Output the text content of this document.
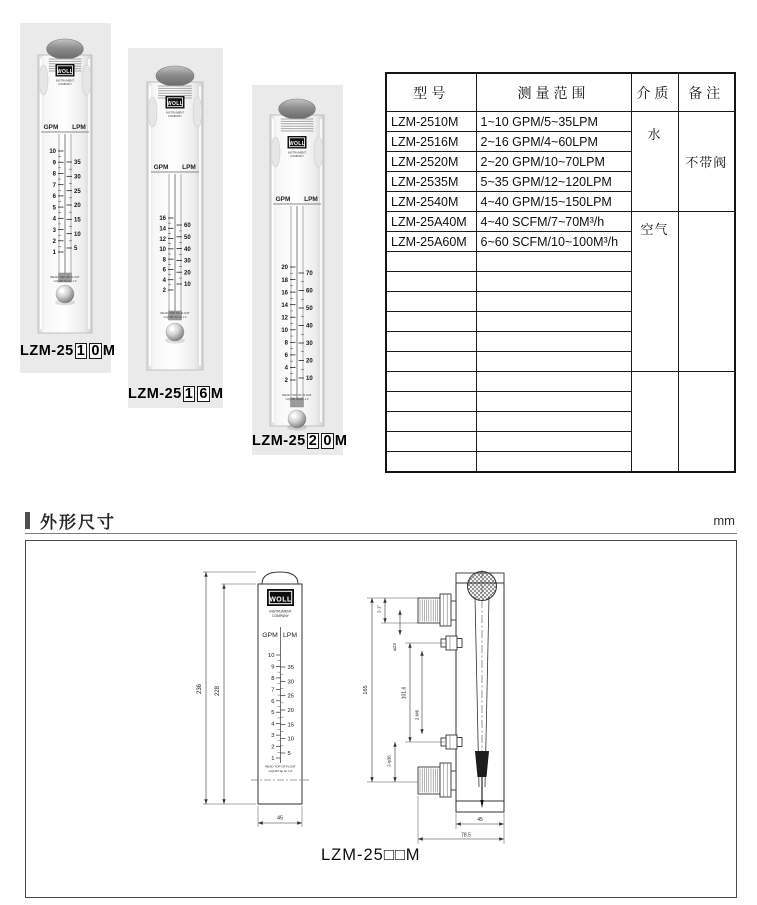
WOLL
INSTRUMENT
COMPANY
GPM LPM
10
9
8
7
6
5
4
3
2
1
35
30
25
20
15
10
5
READ TOP OF FLOAT
LIQUID Sp Gr 1.0
LZM-25 1 0 M
WOLL
INSTRUMENT
COMPANY
GPM LPM
16
14
12
10
8
6
4
2
60
50
40
30
20
10
READ TOP OF FLOAT
LIQUID Sp Gr 1.0
LZM-25 1 6 M
WOLL
INSTRUMENT
COMPANY
GPM LPM
20
18
16
14
12
10
8
6
4
2
70
60
50
40
30
20
10
READ TOP OF FLOAT
LIQUID Sp Gr 1.0
LZM-25 2 0 M
型号	测量范围	介质	备注
LZM-2510M	1~10 GPM/5~35LPM	水	不带阀
LZM-2516M	2~16 GPM/4~60LPM		
LZM-2520M	2~20 GPM/10~70LPM		
LZM-2535M	5~35 GPM/12~120LPM		
LZM-2540M	4~40 GPM/15~150LPM		
LZM-25A40M	4~40 SCFM/7~70M³/h	空气	
LZM-25A60M	6~60 SCFM/10~100M³/h		

外形尺寸	mm
LZM-25□□M
WOLL
INSTRUMENT
COMPANY
GPM LPM
10
9
8
7
6
5
4
3
2
1
35
30
25
20
15
10
5
READ TOP OF FLOAT
LIQUID Sp Gr 1.0
236 228
45
165
2-1"
φ23
101.6
2-M6
2-φ36
45
78.5
